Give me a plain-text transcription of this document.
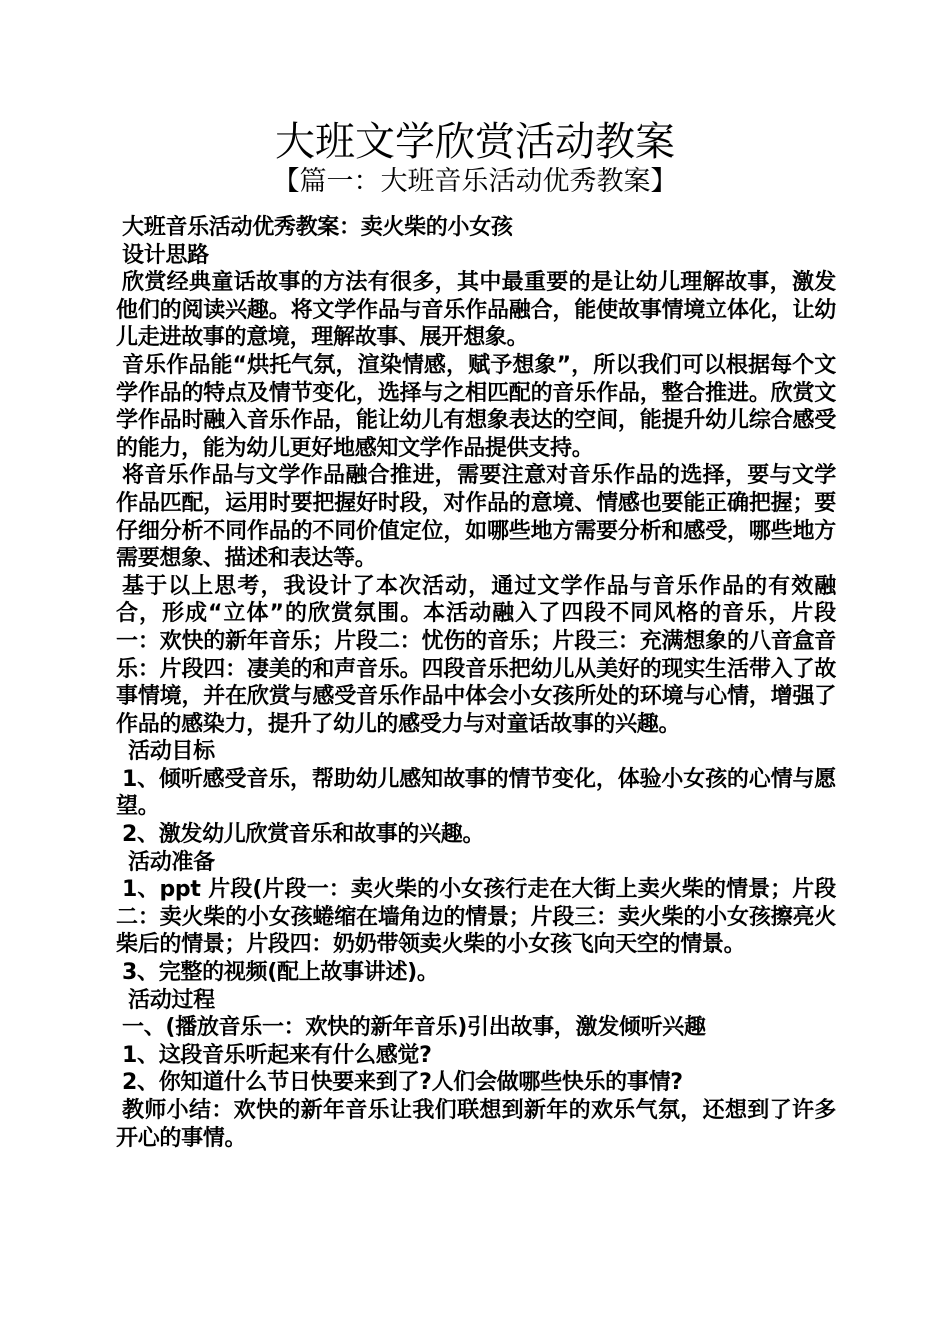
大班文学欣赏活动教案
【篇一：大班音乐活动优秀教案】

大班音乐活动优秀教案：卖火柴的小女孩

设计思路

欣赏经典童话故事的方法有很多，其中最重要的是让幼儿理解故事，激发他们的阅读兴趣。将文学作品与音乐作品融合，能使故事情境立体化，让幼儿走进故事的意境，理解故事、展开想象。

音乐作品能“烘托气氛，渲染情感，赋予想象”，所以我们可以根据每个文学作品的特点及情节变化，选择与之相匹配的音乐作品，整合推进。欣赏文学作品时融入音乐作品，能让幼儿有想象表达的空间，能提升幼儿综合感受的能力，能为幼儿更好地感知文学作品提供支持。

将音乐作品与文学作品融合推进，需要注意对音乐作品的选择，要与文学作品匹配，运用时要把握好时段，对作品的意境、情感也要能正确把握；要仔细分析不同作品的不同价值定位，如哪些地方需要分析和感受，哪些地方需要想象、描述和表达等。

基于以上思考，我设计了本次活动，通过文学作品与音乐作品的有效融合，形成“立体”的欣赏氛围。本活动融入了四段不同风格的音乐，片段一：欢快的新年音乐；片段二：忧伤的音乐；片段三：充满想象的八音盒音乐：片段四：凄美的和声音乐。四段音乐把幼儿从美好的现实生活带入了故事情境，并在欣赏与感受音乐作品中体会小女孩所处的环境与心情，增强了作品的感染力，提升了幼儿的感受力与对童话故事的兴趣。

活动目标

1、倾听感受音乐，帮助幼儿感知故事的情节变化，体验小女孩的心情与愿望。

2、激发幼儿欣赏音乐和故事的兴趣。

活动准备

1、ppt 片段(片段一：卖火柴的小女孩行走在大街上卖火柴的情景；片段二：卖火柴的小女孩蜷缩在墙角边的情景；片段三：卖火柴的小女孩擦亮火柴后的情景；片段四：奶奶带领卖火柴的小女孩飞向天空的情景。

3、完整的视频(配上故事讲述)。

活动过程

一、(播放音乐一：欢快的新年音乐)引出故事，激发倾听兴趣

1、这段音乐听起来有什么感觉?

2、你知道什么节日快要来到了?人们会做哪些快乐的事情?

教师小结：欢快的新年音乐让我们联想到新年的欢乐气氛，还想到了许多开心的事情。
